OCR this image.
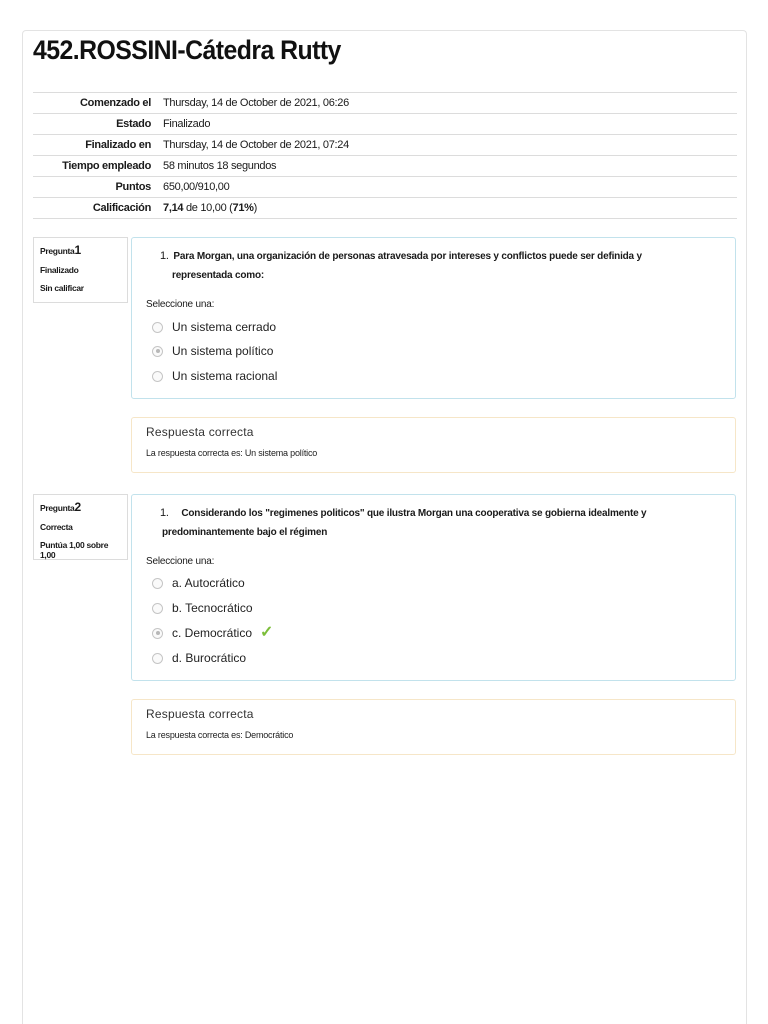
452.ROSSINI-Cátedra Rutty
Comenzado el	Thursday, 14 de October de 2021, 06:26
Estado	Finalizado
Finalizado en	Thursday, 14 de October de 2021, 07:24
Tiempo empleado	58 minutos 18 segundos
Puntos	650,00/910,00
Calificación	7,14 de 10,00 (71%)
Pregunta1
Finalizado
Sin calificar
1. Para Morgan, una organización de personas atravesada por intereses y conflictos puede ser definida y
representada como:
Seleccione una:
Un sistema cerrado
Un sistema político
Un sistema racional
Respuesta correcta
La respuesta correcta es: Un sistema político
Pregunta2
Correcta
Puntúa 1,00 sobre 1,00
1. Considerando los "regimenes politicos" que ilustra Morgan una cooperativa se gobierna idealmente y
predominantemente bajo el régimen
Seleccione una:
a. Autocrático
b. Tecnocrático
c. Democrático ✓
d. Burocrático
Respuesta correcta
La respuesta correcta es: Democrático
